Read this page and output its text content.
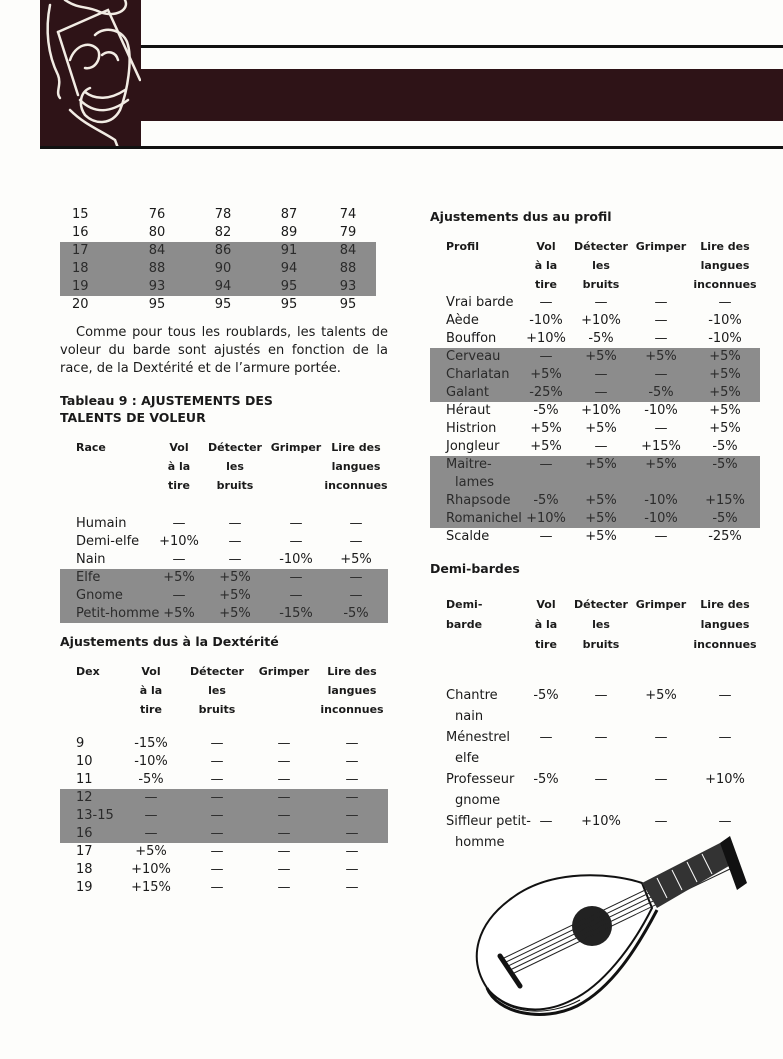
15	76	78	87	74
16	80	82	89	79
17	84	86	91	84
18	88	90	94	88
19	93	94	95	93
20	95	95	95	95

Comme pour tous les roublards, les talents de voleur du barde sont ajustés en fonction de la race, de la Dextérité et de l’armure portée.

Tableau 9 : AJUSTEMENTS DES

TALENTS DE VOLEUR

Race	Vol
à la
tire	Détecter
les
bruits	Grimper	Lire des
langues
inconnues

Humain	—	—	—	—
Demi-elfe	+10%	—	—	—
Nain	—	—	-10%	+5%
Elfe	+5%	+5%	—	—
Gnome	—	+5%	—	—
Petit-homme	+5%	+5%	-15%	-5%

Ajustements dus à la Dextérité

Dex	Vol
à la
tire	Détecter
les
bruits	Grimper	Lire des
langues
inconnues

9	-15%	—	—	—
10	-10%	—	—	—
11	-5%	—	—	—
12	—	—	—	—
13-15	—	—	—	—
16	—	—	—	—
17	+5%	—	—	—
18	+10%	—	—	—
19	+15%	—	—	—

Ajustements dus au profil

Profil	Vol
à la
tire	Détecter
les
bruits	Grimper	Lire des
langues
inconnues
Vrai barde	—	—	—	—
Aède	-10%	+10%	—	-10%
Bouffon	+10%	-5%	—	-10%
Cerveau	—	+5%	+5%	+5%
Charlatan	+5%	—	—	+5%
Galant	-25%	—	-5%	+5%
Héraut	-5%	+10%	-10%	+5%
Histrion	+5%	+5%	—	+5%
Jongleur	+5%	—	+15%	-5%
Maitre-
lames	—	+5%	+5%	-5%
Rhapsode	-5%	+5%	-10%	+15%
Romanichel	+10%	+5%	-10%	-5%
Scalde	—	+5%	—	-25%

Demi-bardes

Demi-
barde	Vol
à la
tire	Détecter
les
bruits	Grimper	Lire des
langues
inconnues

Chantre
nain	-5%	—	+5%	—
Ménestrel
elfe	—	—	—	—
Professeur
gnome	-5%	—	—	+10%
Siffleur petit-
homme	—	+10%	—	—
